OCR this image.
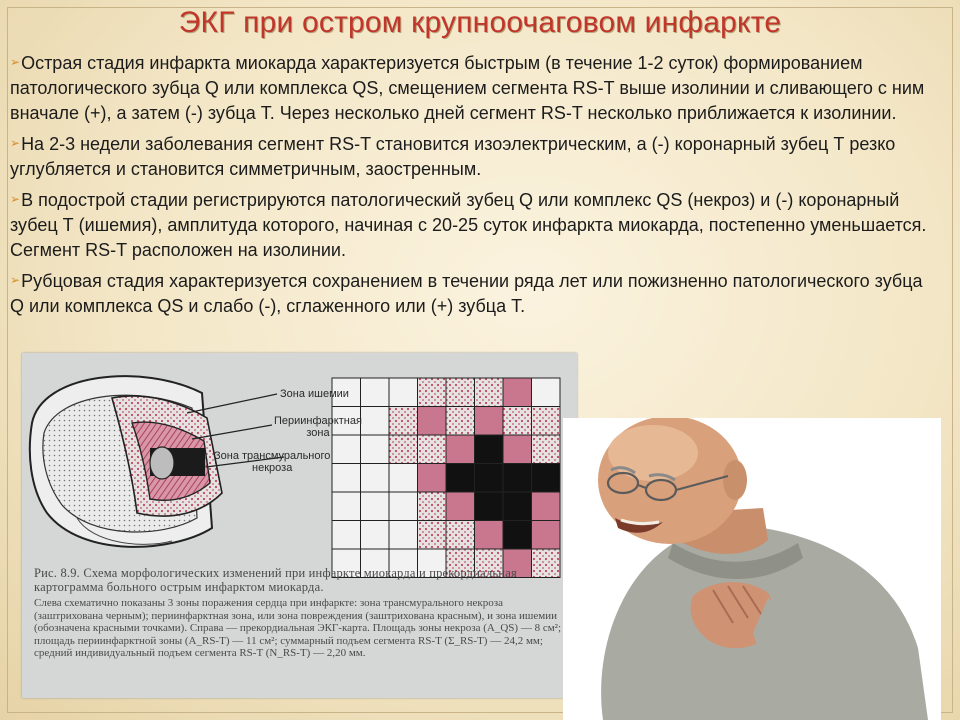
ЭКГ при остром крупноочаговом инфаркте

➢Острая стадия инфаркта миокарда характеризуется быстрым (в течение 1-2 суток) формированием патологического зубца Q или комплекса QS, смещением сегмента RS-T выше изолинии и сливающего с ним вначале (+), а затем (-) зубца Т. Через несколько дней сегмент RS-T несколько приближается к изолинии.

➢На 2-3 недели заболевания сегмент RS-T становится изоэлектрическим, а (-) коронарный зубец Т резко углубляется и становится симметричным, заостренным.

➢В подострой стадии регистрируются патологический зубец Q или комплекс QS (некроз) и (-) коронарный зубец Т (ишемия), амплитуда которого, начиная с 20-25 суток инфаркта миокарда, постепенно уменьшается. Сегмент RS-T расположен на изолинии.

➢Рубцовая стадия характеризуется сохранением в течении ряда лет или пожизненно патологического зубца Q или комплекса QS и слабо (-), сглаженного или (+) зубца Т.

Зона ишемии
Периинфарктная
зона
Зона трансмурального
некроза
Рис. 8.9. Схема морфологических изменений при инфаркте миокарда и прекордиальная картограмма больного острым инфарктом миокарда.
Слева схематично показаны 3 зоны поражения сердца при инфаркте: зона трансмурального некроза (заштрихована черным); периинфарктная зона, или зона повреждения (заштрихована красным), и зона ишемии (обозначена красными точками). Справа — прекордиальная ЭКГ-карта. Площадь зоны некроза (A_QS) — 8 см²; площадь периинфарктной зоны (A_RS-T) — 11 см²; суммарный подъем сегмента RS-T (Σ_RS-T) — 24,2 мм; средний индивидуальный подъем сегмента RS-T (N_RS-T) — 2,20 мм.
